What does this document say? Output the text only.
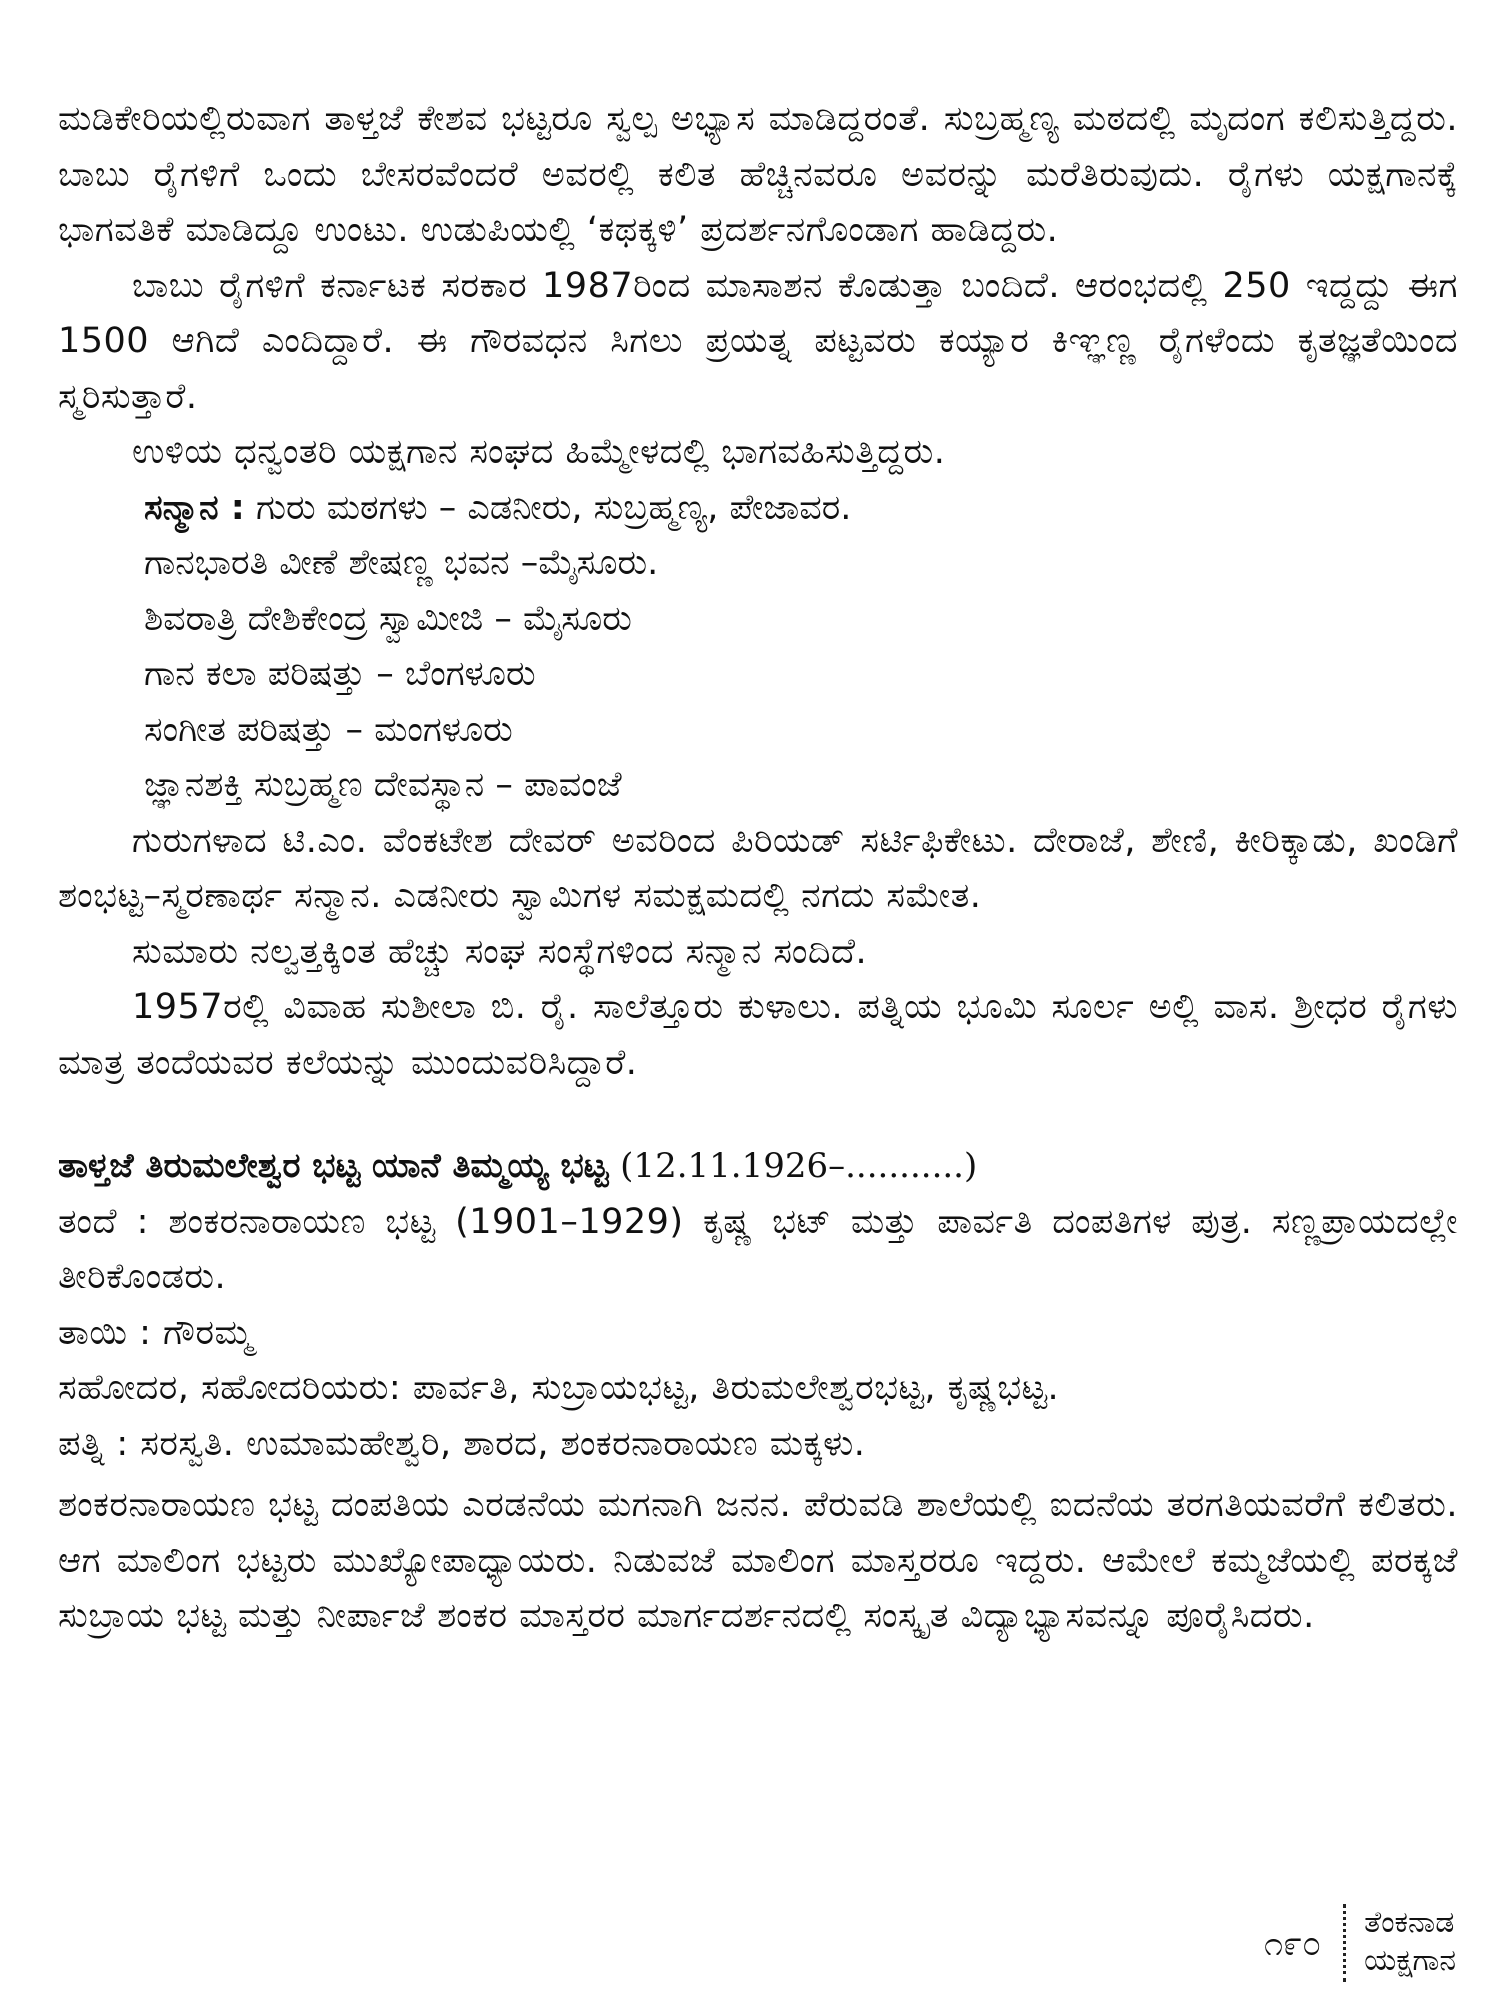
ಮಡಿಕೇರಿಯಲ್ಲಿರುವಾಗ ತಾಳ್ತಜೆ ಕೇಶವ ಭಟ್ಟರೂ ಸ್ವಲ್ಪ ಅಭ್ಯಾಸ ಮಾಡಿದ್ದರಂತೆ. ಸುಬ್ರಹ್ಮಣ್ಯ ಮಠದಲ್ಲಿ ಮೃದಂಗ ಕಲಿಸುತ್ತಿದ್ದರು. ಬಾಬು ರೈಗಳಿಗೆ ಒಂದು ಬೇಸರವೆಂದರೆ ಅವರಲ್ಲಿ ಕಲಿತ ಹೆಚ್ಚಿನವರೂ ಅವರನ್ನು ಮರೆತಿರುವುದು. ರೈಗಳು ಯಕ್ಷಗಾನಕ್ಕೆ ಭಾಗವತಿಕೆ ಮಾಡಿದ್ದೂ ಉಂಟು. ಉಡುಪಿಯಲ್ಲಿ ‘ಕಥಕ್ಕಳಿ’ ಪ್ರದರ್ಶನಗೊಂಡಾಗ ಹಾಡಿದ್ದರು.

ಬಾಬು ರೈಗಳಿಗೆ ಕರ್ನಾಟಕ ಸರಕಾರ 1987ರಿಂದ ಮಾಸಾಶನ ಕೊಡುತ್ತಾ ಬಂದಿದೆ. ಆರಂಭದಲ್ಲಿ 250 ಇದ್ದದ್ದು ಈಗ 1500 ಆಗಿದೆ ಎಂದಿದ್ದಾರೆ. ಈ ಗೌರವಧನ ಸಿಗಲು ಪ್ರಯತ್ನ ಪಟ್ಟವರು ಕಯ್ಯಾರ ಕಿಞ್ಞಣ್ಣ ರೈಗಳೆಂದು ಕೃತಜ್ಞತೆಯಿಂದ ಸ್ಮರಿಸುತ್ತಾರೆ.

ಉಳಿಯ ಧನ್ವಂತರಿ ಯಕ್ಷಗಾನ ಸಂಘದ ಹಿಮ್ಮೇಳದಲ್ಲಿ ಭಾಗವಹಿಸುತ್ತಿದ್ದರು.

ಸನ್ಮಾನ : ಗುರು ಮಠಗಳು – ಎಡನೀರು, ಸುಬ್ರಹ್ಮಣ್ಯ, ಪೇಜಾವರ.
ಗಾನಭಾರತಿ ವೀಣೆ ಶೇಷಣ್ಣ ಭವನ –ಮೈಸೂರು.
ಶಿವರಾತ್ರಿ ದೇಶಿಕೇಂದ್ರ ಸ್ವಾಮೀಜಿ – ಮೈಸೂರು
ಗಾನ ಕಲಾ ಪರಿಷತ್ತು – ಬೆಂಗಳೂರು
ಸಂಗೀತ ಪರಿಷತ್ತು – ಮಂಗಳೂರು
ಜ್ಞಾನಶಕ್ತಿ ಸುಬ್ರಹ್ಮಣ ದೇವಸ್ಥಾನ – ಪಾವಂಜೆ

ಗುರುಗಳಾದ ಟಿ.ಎಂ. ವೆಂಕಟೇಶ ದೇವರ್ ಅವರಿಂದ ಪಿರಿಯಡ್ ಸರ್ಟಿಫಿಕೇಟು. ದೇರಾಜೆ, ಶೇಣಿ, ಕೀರಿಕ್ಕಾಡು, ಖಂಡಿಗೆ ಶಂಭಟ್ಟ–ಸ್ಮರಣಾರ್ಥ ಸನ್ಮಾನ. ಎಡನೀರು ಸ್ವಾಮಿಗಳ ಸಮಕ್ಷಮದಲ್ಲಿ ನಗದು ಸಮೇತ.

ಸುಮಾರು ನಲ್ವತ್ತಕ್ಕಿಂತ ಹೆಚ್ಚು ಸಂಘ ಸಂಸ್ಥೆಗಳಿಂದ ಸನ್ಮಾನ ಸಂದಿದೆ.

1957ರಲ್ಲಿ ವಿವಾಹ ಸುಶೀಲಾ ಬಿ. ರೈ. ಸಾಲೆತ್ತೂರು ಕುಳಾಲು. ಪತ್ನಿಯ ಭೂಮಿ ಸೂರ್ಲ ಅಲ್ಲಿ ವಾಸ. ಶ್ರೀಧರ ರೈಗಳು ಮಾತ್ರ ತಂದೆಯವರ ಕಲೆಯನ್ನು ಮುಂದುವರಿಸಿದ್ದಾರೆ.

ತಾಳ್ತಜೆ ತಿರುಮಲೇಶ್ವರ ಭಟ್ಟ ಯಾನೆ ತಿಮ್ಮಯ್ಯ ಭಟ್ಟ (12.11.1926–...........)

ತಂದೆ : ಶಂಕರನಾರಾಯಣ ಭಟ್ಟ (1901–1929) ಕೃಷ್ಣ ಭಟ್ ಮತ್ತು ಪಾರ್ವತಿ ದಂಪತಿಗಳ ಪುತ್ರ. ಸಣ್ಣಪ್ರಾಯದಲ್ಲೇ ತೀರಿಕೊಂಡರು.

ತಾಯಿ : ಗೌರಮ್ಮ

ಸಹೋದರ, ಸಹೋದರಿಯರು: ಪಾರ್ವತಿ, ಸುಬ್ರಾಯಭಟ್ಟ, ತಿರುಮಲೇಶ್ವರಭಟ್ಟ, ಕೃಷ್ಣಭಟ್ಟ.

ಪತ್ನಿ : ಸರಸ್ವತಿ. ಉಮಾಮಹೇಶ್ವರಿ, ಶಾರದ, ಶಂಕರನಾರಾಯಣ ಮಕ್ಕಳು.

ಶಂಕರನಾರಾಯಣ ಭಟ್ಟ ದಂಪತಿಯ ಎರಡನೆಯ ಮಗನಾಗಿ ಜನನ. ಪೆರುವಡಿ ಶಾಲೆಯಲ್ಲಿ ಐದನೆಯ ತರಗತಿಯವರೆಗೆ ಕಲಿತರು. ಆಗ ಮಾಲಿಂಗ ಭಟ್ಟರು ಮುಖ್ಯೋಪಾಧ್ಯಾಯರು. ನಿಡುವಜೆ ಮಾಲಿಂಗ ಮಾಸ್ತರರೂ ಇದ್ದರು. ಆಮೇಲೆ ಕಮ್ಮಜೆಯಲ್ಲಿ ಪರಕ್ಕಜೆ ಸುಬ್ರಾಯ ಭಟ್ಟ ಮತ್ತು ನೀರ್ಪಾಜೆ ಶಂಕರ ಮಾಸ್ತರರ ಮಾರ್ಗದರ್ಶನದಲ್ಲಿ ಸಂಸ್ಕೃತ ವಿದ್ಯಾಭ್ಯಾಸವನ್ನೂ ಪೂರೈಸಿದರು.

೧೯೦
ತೆಂಕನಾಡ
ಯಕ್ಷಗಾನ
